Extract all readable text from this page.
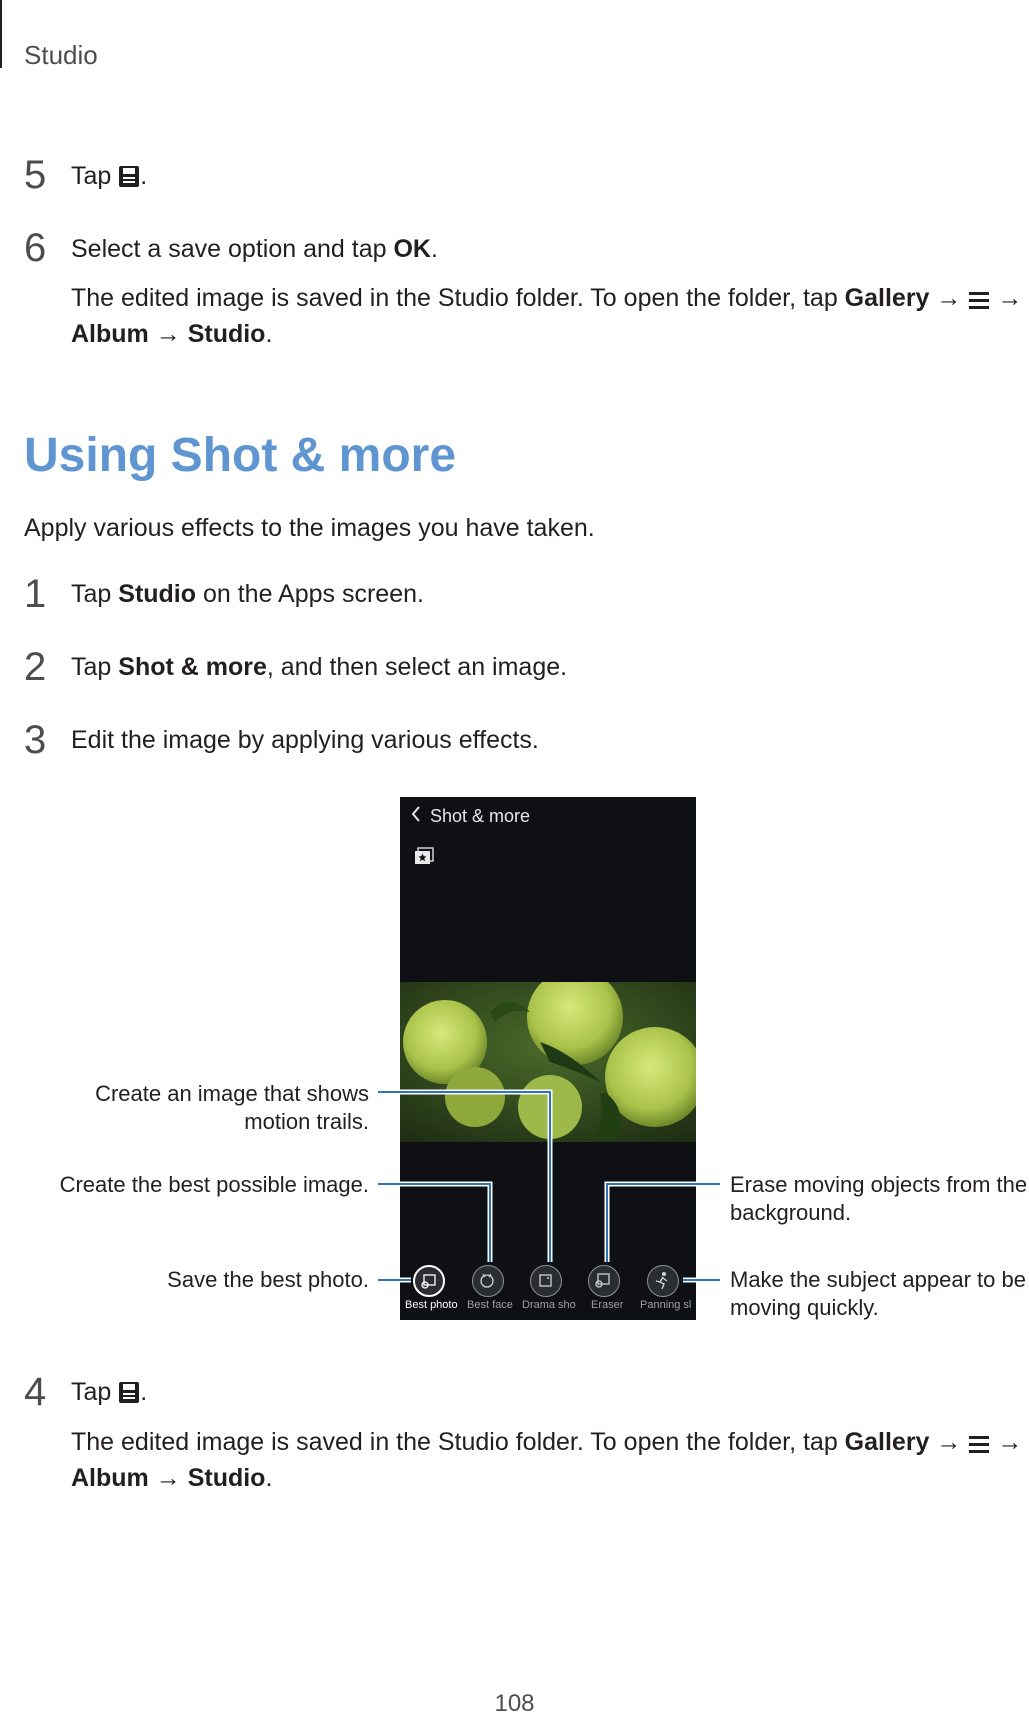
Studio
5 Tap .
6 Select a save option and tap OK.
The edited image is saved in the Studio folder. To open the folder, tap Gallery → →
Album → Studio.
Using Shot & more
Apply various effects to the images you have taken.
1 Tap Studio on the Apps screen.
2 Tap Shot & more, and then select an image.
3 Edit the image by applying various effects.
Shot & more
Best photo Best face Drama sho Eraser Panning sl
Create an image that shows
motion trails.
Create the best possible image.
Save the best photo.
Erase moving objects from the
background.
Make the subject appear to be
moving quickly.
4 Tap .
The edited image is saved in the Studio folder. To open the folder, tap Gallery → →
Album → Studio.
108
